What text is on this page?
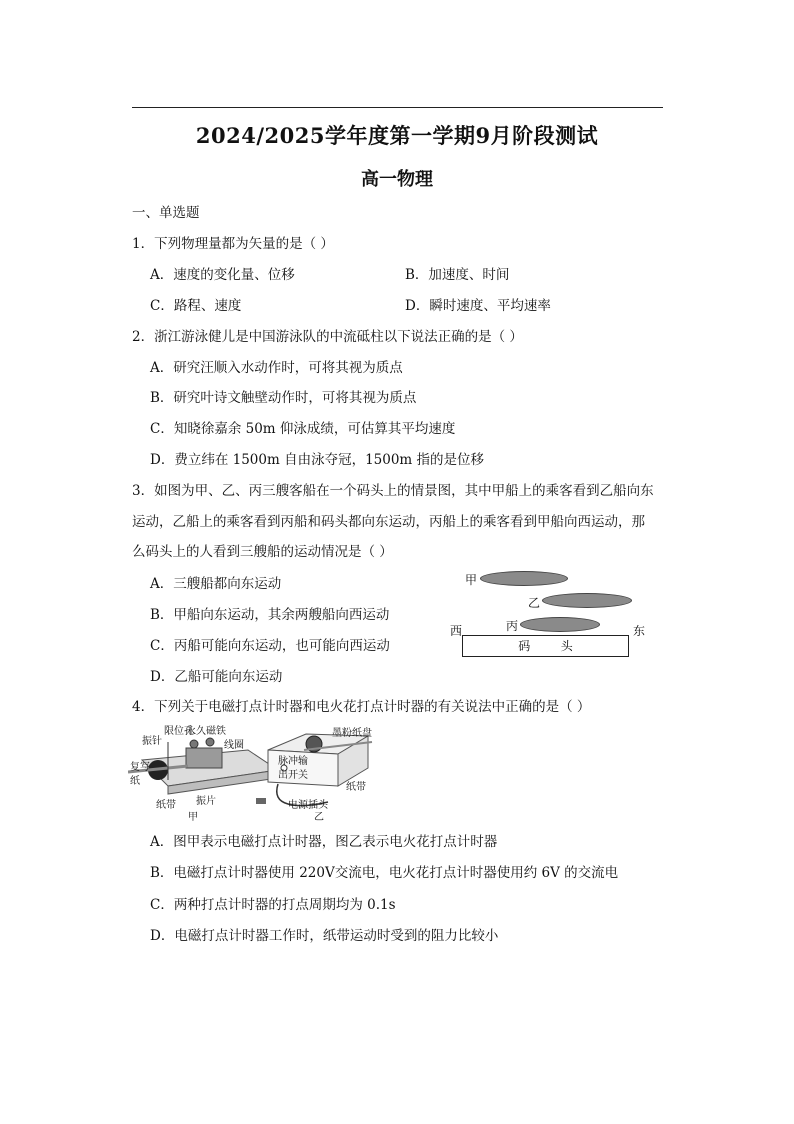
2024/2025学年度第一学期9月阶段测试
高一物理
一、单选题
1．下列物理量都为矢量的是（ ）
A．速度的变化量、位移	B．加速度、时间
C．路程、速度	D．瞬时速度、平均速率
2．浙江游泳健儿是中国游泳队的中流砥柱以下说法正确的是（ ）
A．研究汪顺入水动作时，可将其视为质点
B．研究叶诗文触壁动作时，可将其视为质点
C．知晓徐嘉余 50m 仰泳成绩，可估算其平均速度
D．费立纬在 1500m 自由泳夺冠，1500m 指的是位移
3．如图为甲、乙、丙三艘客船在一个码头上的情景图，其中甲船上的乘客看到乙船向东
运动，乙船上的乘客看到丙船和码头都向东运动，丙船上的乘客看到甲船向西运动，那
么码头上的人看到三艘船的运动情况是（ ）
A．三艘船都向东运动
B．甲船向东运动，其余两艘船向西运动
C．丙船可能向东运动，也可能向西运动
D．乙船可能向东运动
甲
乙
丙
西	东
码        头
4．下列关于电磁打点计时器和电火花打点计时器的有关说法中正确的是（ ）
振针
限位孔
永久磁铁
线圈
复写
纸
纸带 振片
甲
墨粉纸盘
脉冲输
出开关
纸带
电源插头
乙
A．图甲表示电磁打点计时器，图乙表示电火花打点计时器
B．电磁打点计时器使用 220V交流电，电火花打点计时器使用约 6V 的交流电
C．两种打点计时器的打点周期均为 0.1s
D．电磁打点计时器工作时，纸带运动时受到的阻力比较小
